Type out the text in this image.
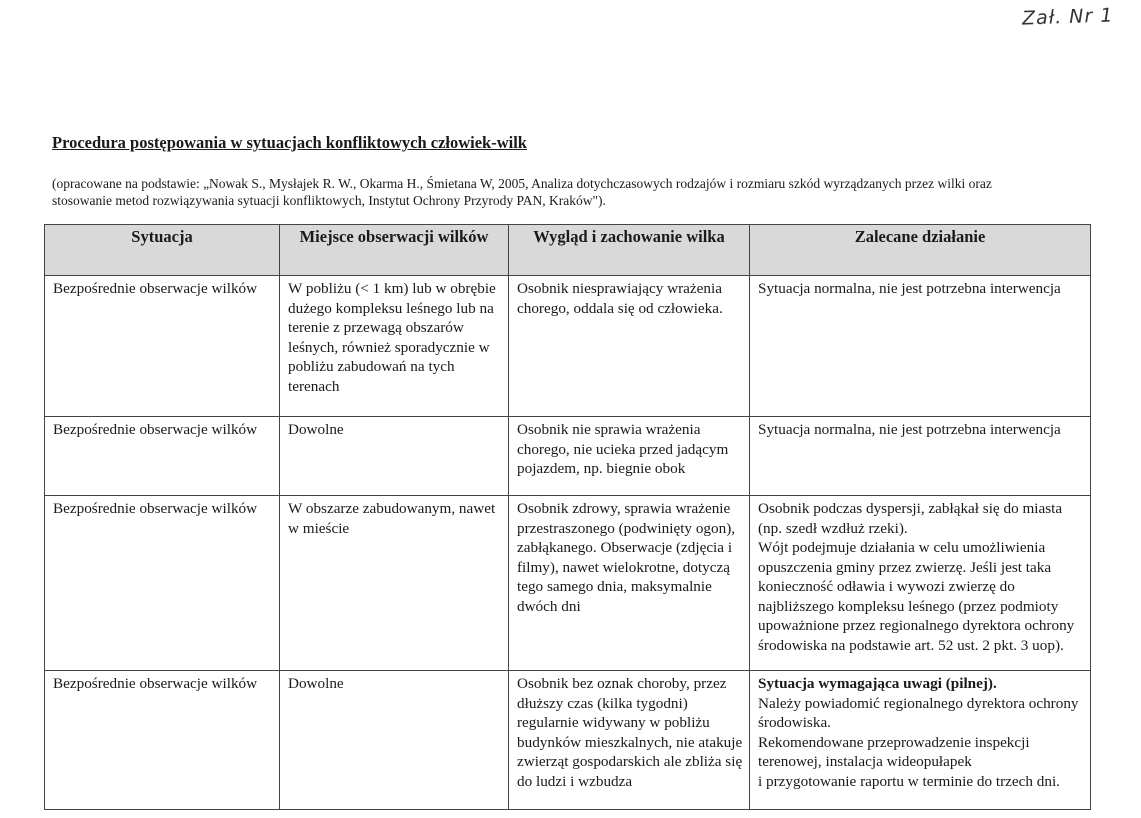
Zał. Nr 1
Procedura postępowania w sytuacjach konfliktowych człowiek-wilk

(opracowane na podstawie: „Nowak S., Mysłajek R. W., Okarma H., Śmietana W, 2005, Analiza dotychczasowych rodzajów i rozmiaru szkód wyrządzanych przez wilki oraz
stosowanie metod rozwiązywania sytuacji konfliktowych, Instytut Ochrony Przyrody PAN, Kraków").

Sytuacja	Miejsce obserwacji wilków	Wygląd i zachowanie wilka	Zalecane działanie
Bezpośrednie obserwacje wilków	W pobliżu (< 1 km) lub w obrębie dużego kompleksu leśnego lub na terenie z przewagą obszarów leśnych, również sporadycznie w pobliżu zabudowań na tych terenach	Osobnik niesprawiający wrażenia chorego, oddala się od człowieka.	Sytuacja normalna, nie jest potrzebna interwencja

Bezpośrednie obserwacje wilków	Dowolne	Osobnik nie sprawia wrażenia chorego, nie ucieka przed jadącym pojazdem, np. biegnie obok	Sytuacja normalna, nie jest potrzebna interwencja

Bezpośrednie obserwacje wilków	W obszarze zabudowanym, nawet w mieście	Osobnik zdrowy, sprawia wrażenie przestraszonego (podwinięty ogon), zabłąkanego. Obserwacje (zdjęcia i filmy), nawet wielokrotne, dotyczą tego samego dnia, maksymalnie dwóch dni	Osobnik podczas dyspersji, zabłąkał się do miasta (np. szedł wzdłuż rzeki).
Wójt podejmuje działania w celu umożliwienia opuszczenia gminy przez zwierzę. Jeśli jest taka konieczność odławia i wywozi zwierzę do najbliższego kompleksu leśnego (przez podmioty upoważnione przez regionalnego dyrektora ochrony środowiska na podstawie art. 52 ust. 2 pkt. 3 uop).

Bezpośrednie obserwacje wilków	Dowolne	Osobnik bez oznak choroby, przez dłuższy czas (kilka tygodni) regularnie widywany w pobliżu budynków mieszkalnych, nie atakuje zwierząt gospodarskich ale zbliża się do ludzi i wzbudza	Sytuacja wymagająca uwagi (pilnej).
Należy powiadomić regionalnego dyrektora ochrony środowiska.
Rekomendowane przeprowadzenie inspekcji terenowej, instalacja wideopułapek
i przygotowanie raportu w terminie do trzech dni.
